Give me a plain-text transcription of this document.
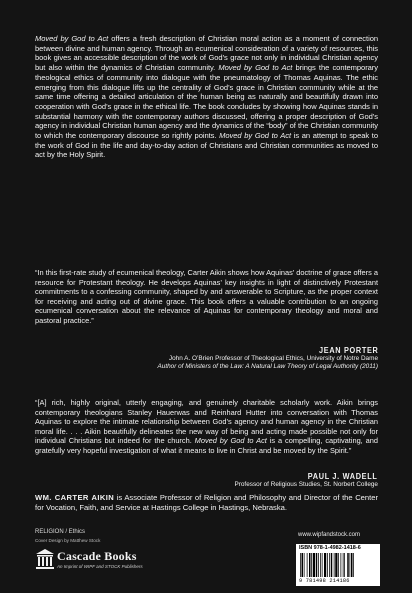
Moved by God to Act offers a fresh description of Christian moral action as a moment of connection between divine and human agency. Through an ecumenical consideration of a variety of resources, this book gives an accessible description of the work of God’s grace not only in individual Christian agency but also within the dynamics of Christian community. Moved by God to Act brings the contemporary theological ethics of community into dialogue with the pneumatology of Thomas Aquinas. The ethic emerging from this dialogue lifts up the centrality of God’s grace in Christian community while at the same time offering a detailed articulation of the human being as naturally and beautifully drawn into cooperation with God’s grace in the ethical life. The book concludes by showing how Aquinas stands in substantial harmony with the contemporary authors discussed, offering a proper description of God’s agency in individual Christian human agency and the dynamics of the “body” of the Christian community to which the contemporary discourse so rightly points. Moved by God to Act is an attempt to speak to the work of God in the life and day-to-day action of Christians and Christian communities as moved to act by the Holy Spirit.
“In this first-rate study of ecumenical theology, Carter Aikin shows how Aquinas’ doctrine of grace offers a resource for Protestant theology. He develops Aquinas’ key insights in light of distinctively Protestant commitments to a confessing community, shaped by and answerable to Scripture, as the proper context for receiving and acting out of divine grace. This book offers a valuable contribution to an ongoing ecumenical conversation about the relevance of Aquinas for contemporary theology and moral and pastoral practice.”
JEAN PORTER
John A. O’Brien Professor of Theological Ethics, University of Notre Dame
Author of Ministers of the Law: A Natural Law Theory of Legal Authority (2011)
“[A] rich, highly original, utterly engaging, and genuinely charitable scholarly work. Aikin brings contemporary theologians Stanley Hauerwas and Reinhard Hutter into conversation with Thomas Aquinas to explore the intimate relationship between God’s agency and human agency in the Christian moral life. . . . Aikin beautifully delineates the new way of being and acting made possible not only for individual Christians but indeed for the church. Moved by God to Act is a compelling, captivating, and gratefully very hopeful investigation of what it means to live in Christ and be moved by the Spirit.”
PAUL J. WADELL
Professor of Religious Studies, St. Norbert College
WM. CARTER AIKIN is Associate Professor of Religion and Philosophy and Director of the Center for Vocation, Faith, and Service at Hastings College in Hastings, Nebraska.
RELIGION / Ethics
Cover Design by Matthew Stock
Cascade Books
An Imprint of WIPF and STOCK Publishers
www.wipfandstock.com
ISBN 978-1-4982-1418-6
9 781498 214186
